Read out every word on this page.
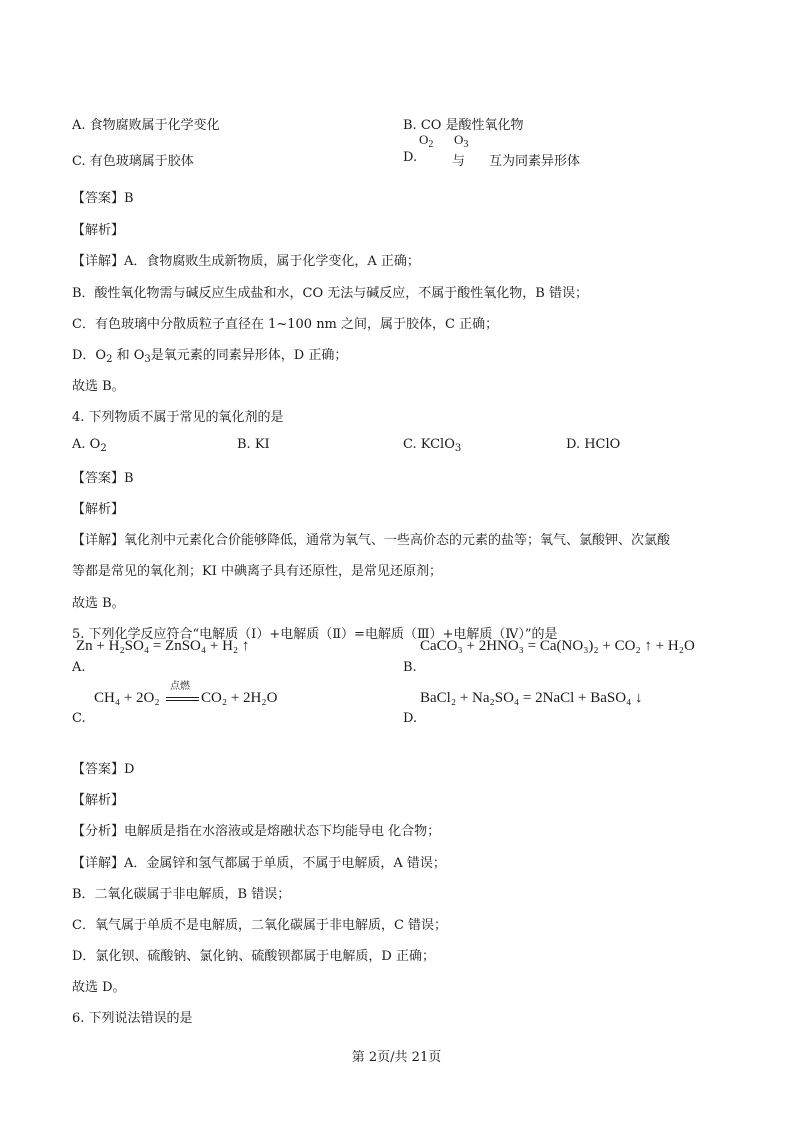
A. 食物腐败属于化学变化	B. CO 是酸性氧化物
$O_2$ $O_3$
C. 有色玻璃属于胶体	D.	与 互为同素异形体
【答案】B
【解析】
【详解】A．食物腐败生成新物质，属于化学变化，A 正确；
B．酸性氧化物需与碱反应生成盐和水，CO 无法与碱反应，不属于酸性氧化物，B 错误；
C．有色玻璃中分散质粒子直径在 1~100 nm 之间，属于胶体，C 正确；
D．$O_2$ 和 $O_3$是氧元素的同素异形体，D 正确；
故选 B。
4. 下列物质不属于常见的氧化剂的是
A. $O_2$	B. KI	C. KClO$_3$	D. HClO
【答案】B
【解析】
【详解】氧化剂中元素化合价能够降低，通常为氧气、一些高价态的元素的盐等；氧气、氯酸钾、次氯酸
等都是常见的氧化剂；KI 中碘离子具有还原性，是常见还原剂；
故选 B。
5. 下列化学反应符合“电解质（Ⅰ）+电解质（Ⅱ）=电解质（Ⅲ）+电解质（Ⅳ）”的是
Zn + H₂SO₄ = ZnSO₄ + H₂ ↑	CaCO₃ + 2HNO₃ = Ca(NO₃)₂ + CO₂ ↑ + H₂O
A.	B.
CH₄ + 2O₂
点燃
CO₂ + 2H₂O	BaCl₂ + Na₂SO₄ = 2NaCl + BaSO₄ ↓
C.	D.
【答案】D
【解析】
【分析】电解质是指在水溶液或是熔融状态下均能导电 化合物；
【详解】A．金属锌和氢气都属于单质，不属于电解质，A 错误；
B．二氧化碳属于非电解质，B 错误；
C．氧气属于单质不是电解质，二氧化碳属于非电解质，C 错误；
D．氯化钡、硫酸钠、氯化钠、硫酸钡都属于电解质，D 正确；
故选 D。
6. 下列说法错误的是
第 2页/共 21页
